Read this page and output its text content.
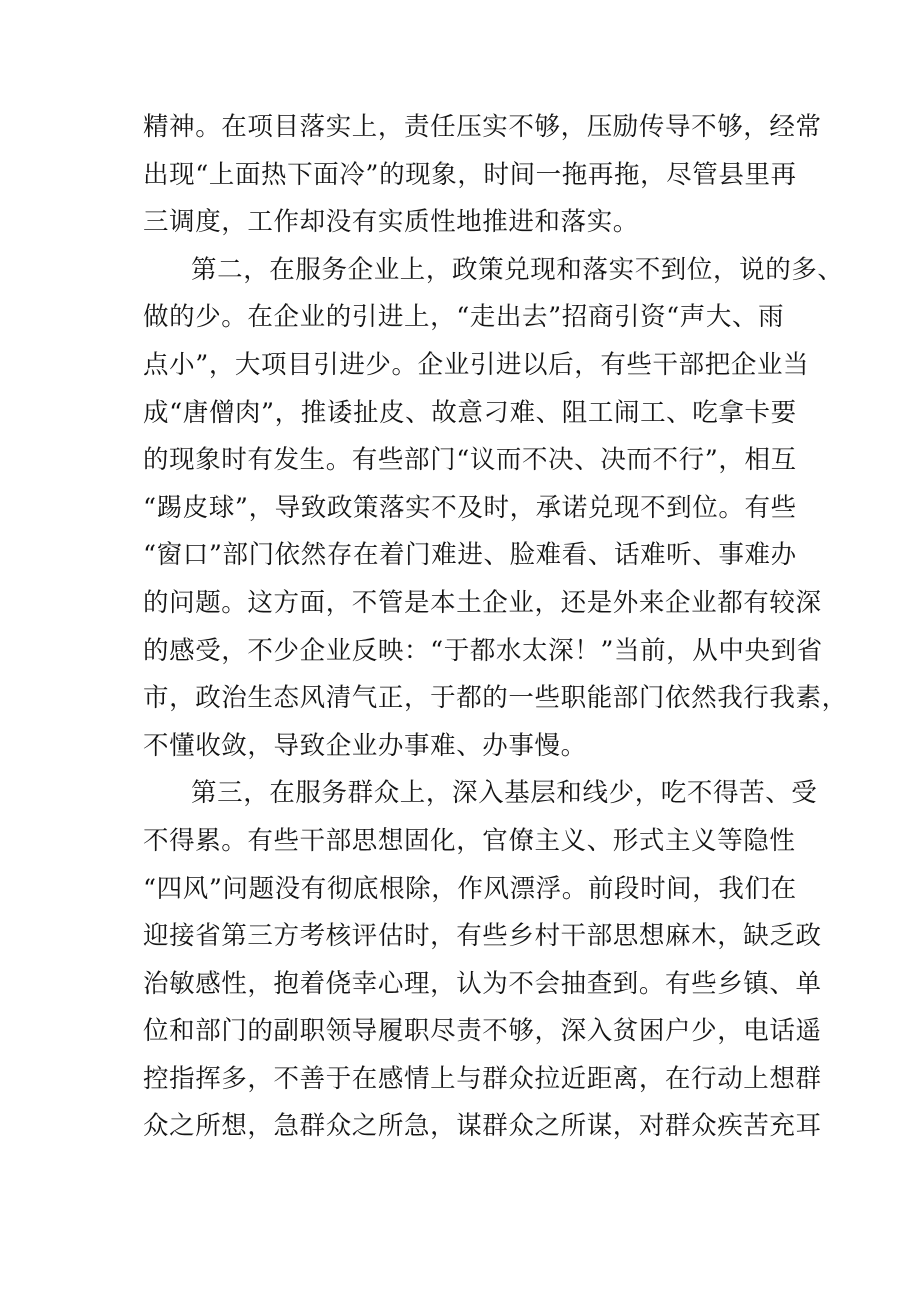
精神。在项目落实上，责任压实不够，压励传导不够，经常
出现“上面热下面冷”的现象，时间一拖再拖，尽管县里再
三调度，工作却没有实质性地推进和落实。
第二，在服务企业上，政策兑现和落实不到位，说的多、
做的少。在企业的引进上，“走出去”招商引资“声大、雨
点小”，大项目引进少。企业引进以后，有些干部把企业当
成“唐僧肉”，推诿扯皮、故意刁难、阻工闹工、吃拿卡要
的现象时有发生。有些部门“议而不决、决而不行”，相互
“踢皮球”，导致政策落实不及时，承诺兑现不到位。有些
“窗口”部门依然存在着门难进、脸难看、话难听、事难办
的问题。这方面，不管是本土企业，还是外来企业都有较深
的感受，不少企业反映：“于都水太深！”当前，从中央到省
市，政治生态风清气正，于都的一些职能部门依然我行我素，
不懂收敛，导致企业办事难、办事慢。
第三，在服务群众上，深入基层和线少，吃不得苦、受
不得累。有些干部思想固化，官僚主义、形式主义等隐性
“四风”问题没有彻底根除，作风漂浮。前段时间，我们在
迎接省第三方考核评估时，有些乡村干部思想麻木，缺乏政
治敏感性，抱着侥幸心理，认为不会抽查到。有些乡镇、单
位和部门的副职领导履职尽责不够，深入贫困户少，电话遥
控指挥多，不善于在感情上与群众拉近距离，在行动上想群
众之所想，急群众之所急，谋群众之所谋，对群众疾苦充耳
